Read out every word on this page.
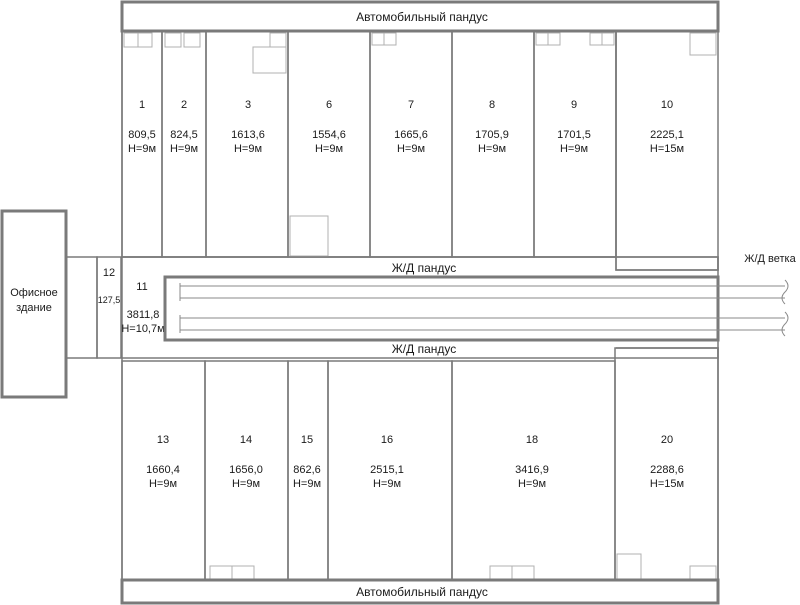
Офисное
здание
12
127,5
Автомобильный пандус
1
809,5
H=9м
2
824,5
H=9м
3
1613,6
H=9м
6
1554,6
H=9м
7
1665,6
H=9м
8
1705,9
H=9м
9
1701,5
H=9м
10
2225,1
H=15м
11
3811,8
H=10,7м
Ж/Д пандус
Ж/Д пандус
Ж/Д ветка
13
1660,4
H=9м
14
1656,0
H=9м
15
862,6
H=9м
16
2515,1
H=9м
18
3416,9
H=9м
20
2288,6
H=15м
Автомобильный пандус
